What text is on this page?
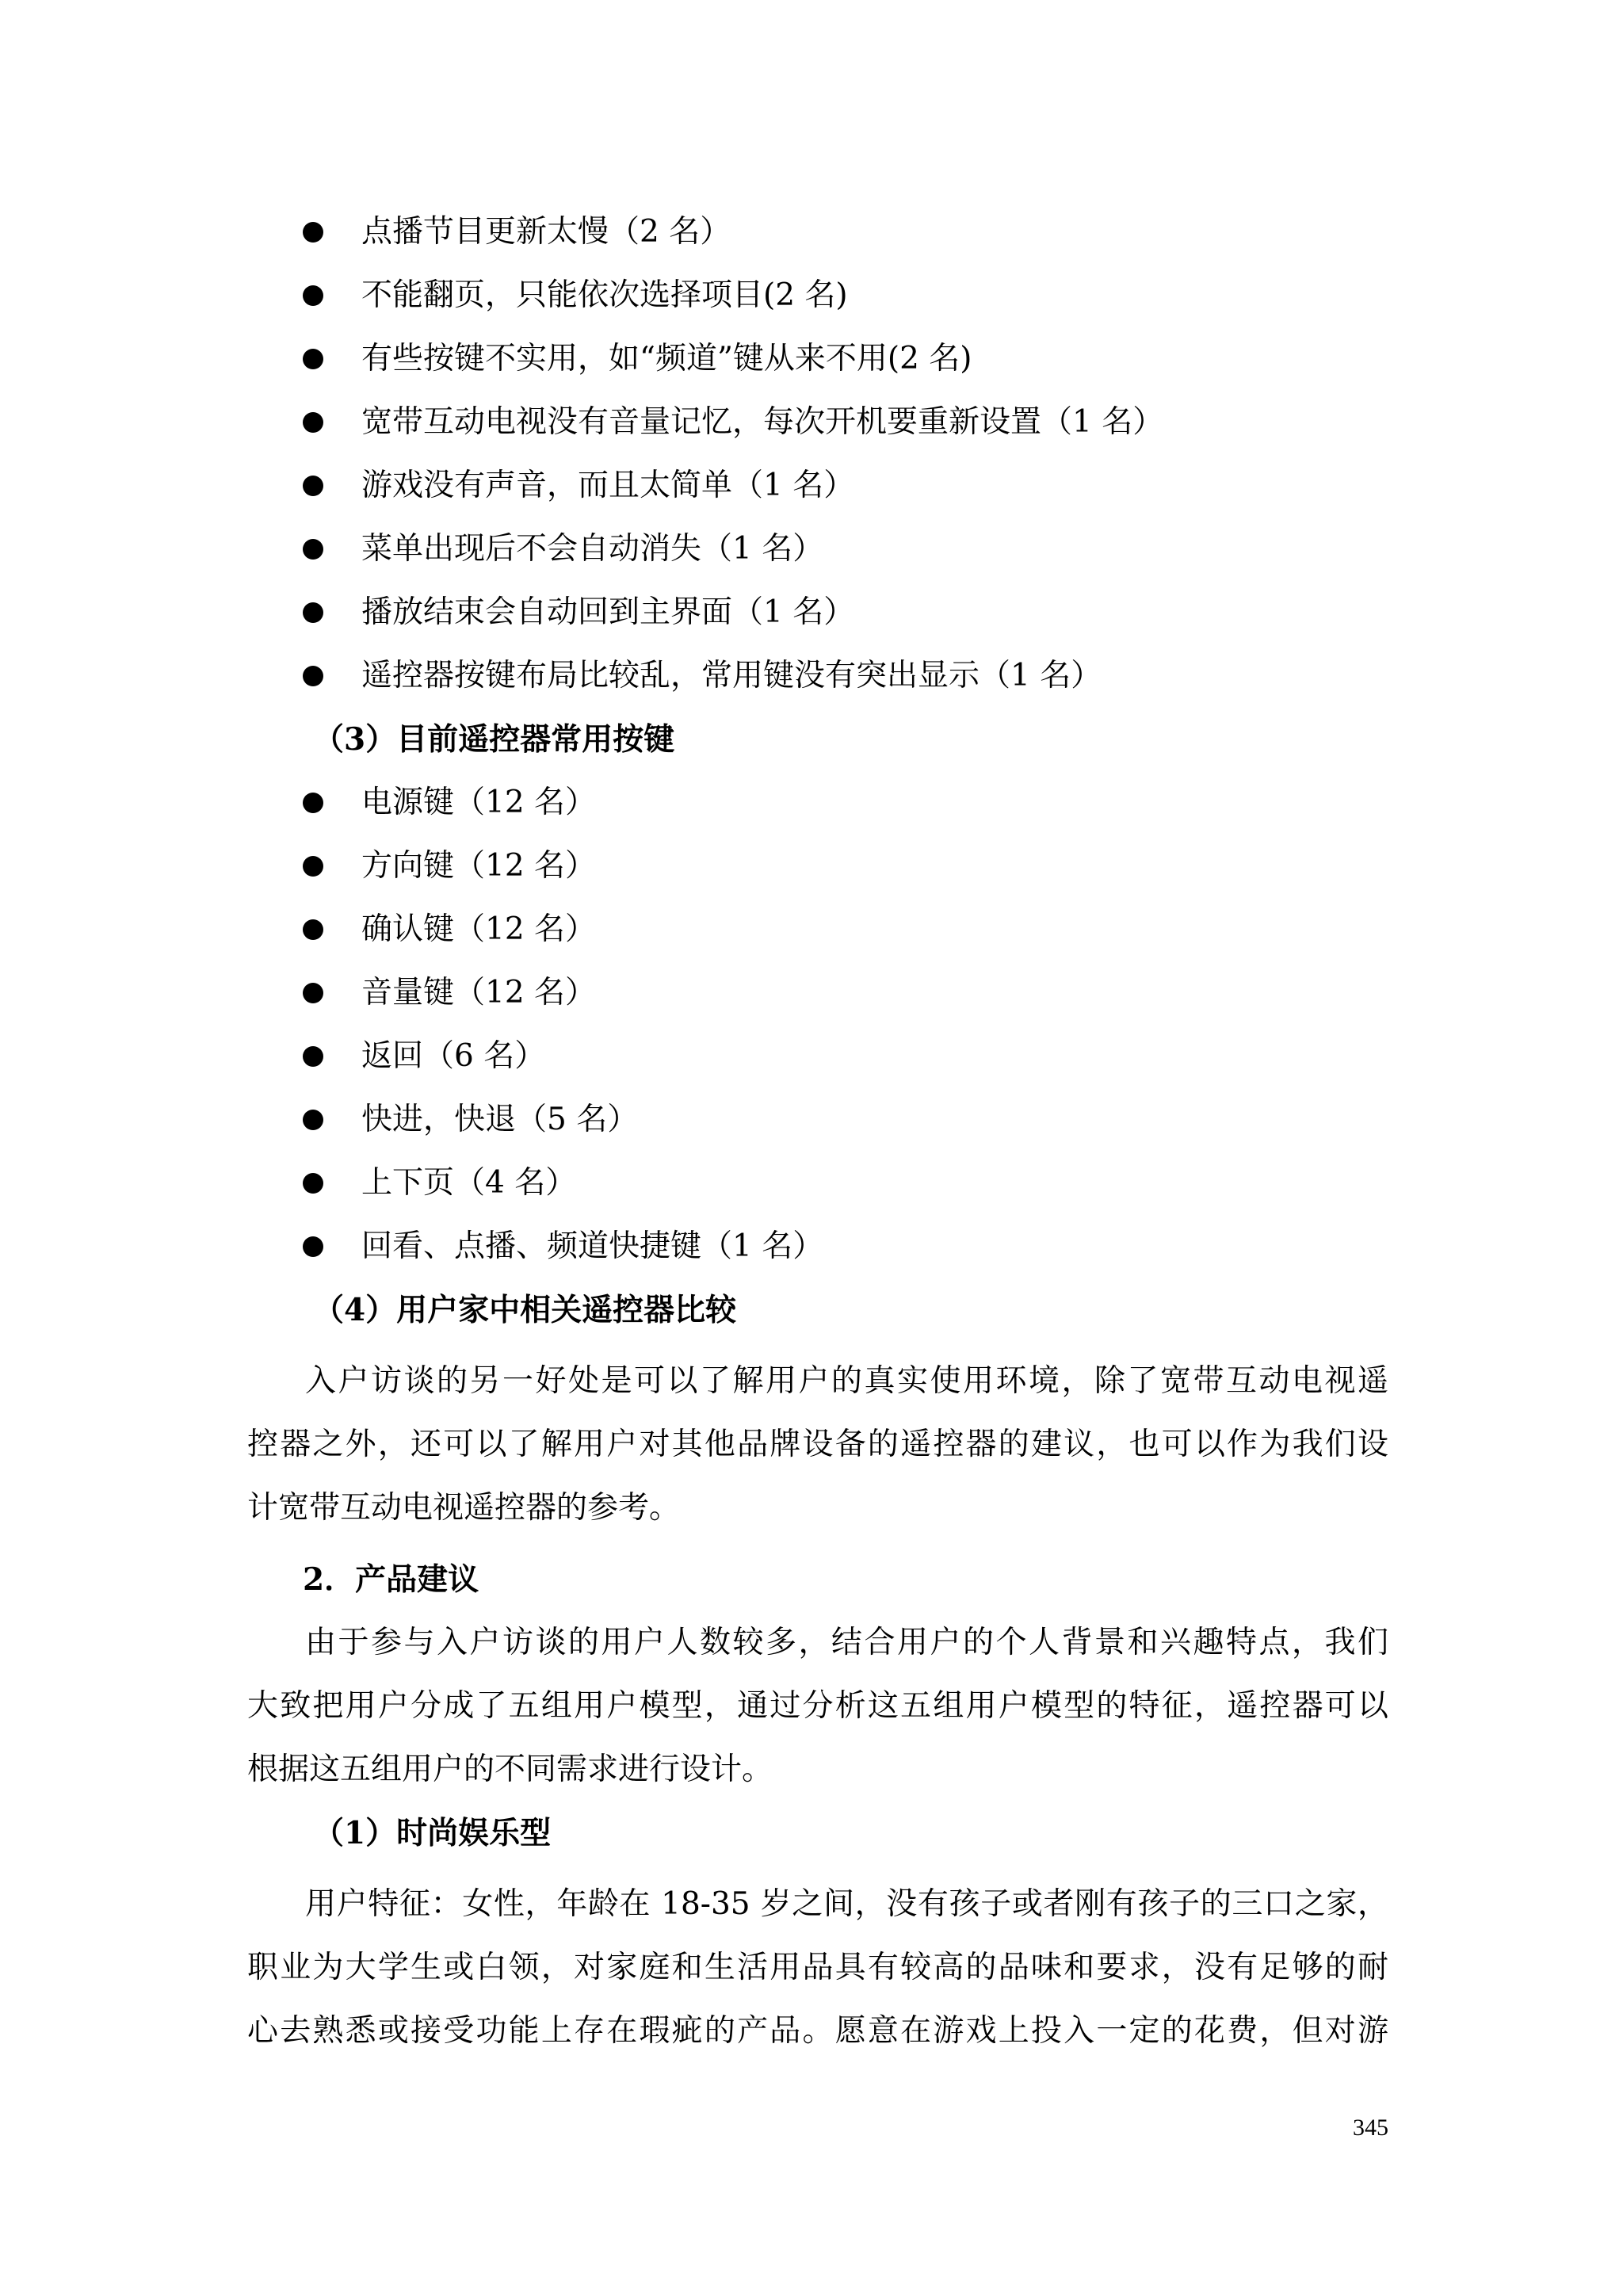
点播节目更新太慢（2 名）
不能翻页，只能依次选择项目(2 名)
有些按键不实用，如“频道”键从来不用(2 名)
宽带互动电视没有音量记忆，每次开机要重新设置（1 名）
游戏没有声音，而且太简单（1 名）
菜单出现后不会自动消失（1 名）
播放结束会自动回到主界面（1 名）
遥控器按键布局比较乱，常用键没有突出显示（1 名）
（3）目前遥控器常用按键
电源键（12 名）
方向键（12 名）
确认键（12 名）
音量键（12 名）
返回（6 名）
快进，快退（5 名）
上下页（4 名）
回看、点播、频道快捷键（1 名）
（4）用户家中相关遥控器比较
入户访谈的另一好处是可以了解用户的真实使用环境，除了宽带互动电视遥
控器之外，还可以了解用户对其他品牌设备的遥控器的建议，也可以作为我们设
计宽带互动电视遥控器的参考。
2．产品建议
由于参与入户访谈的用户人数较多，结合用户的个人背景和兴趣特点，我们
大致把用户分成了五组用户模型，通过分析这五组用户模型的特征，遥控器可以
根据这五组用户的不同需求进行设计。
（1）时尚娱乐型
用户特征：女性，年龄在 18-35 岁之间，没有孩子或者刚有孩子的三口之家，
职业为大学生或白领，对家庭和生活用品具有较高的品味和要求，没有足够的耐
心去熟悉或接受功能上存在瑕疵的产品。愿意在游戏上投入一定的花费，但对游
345
